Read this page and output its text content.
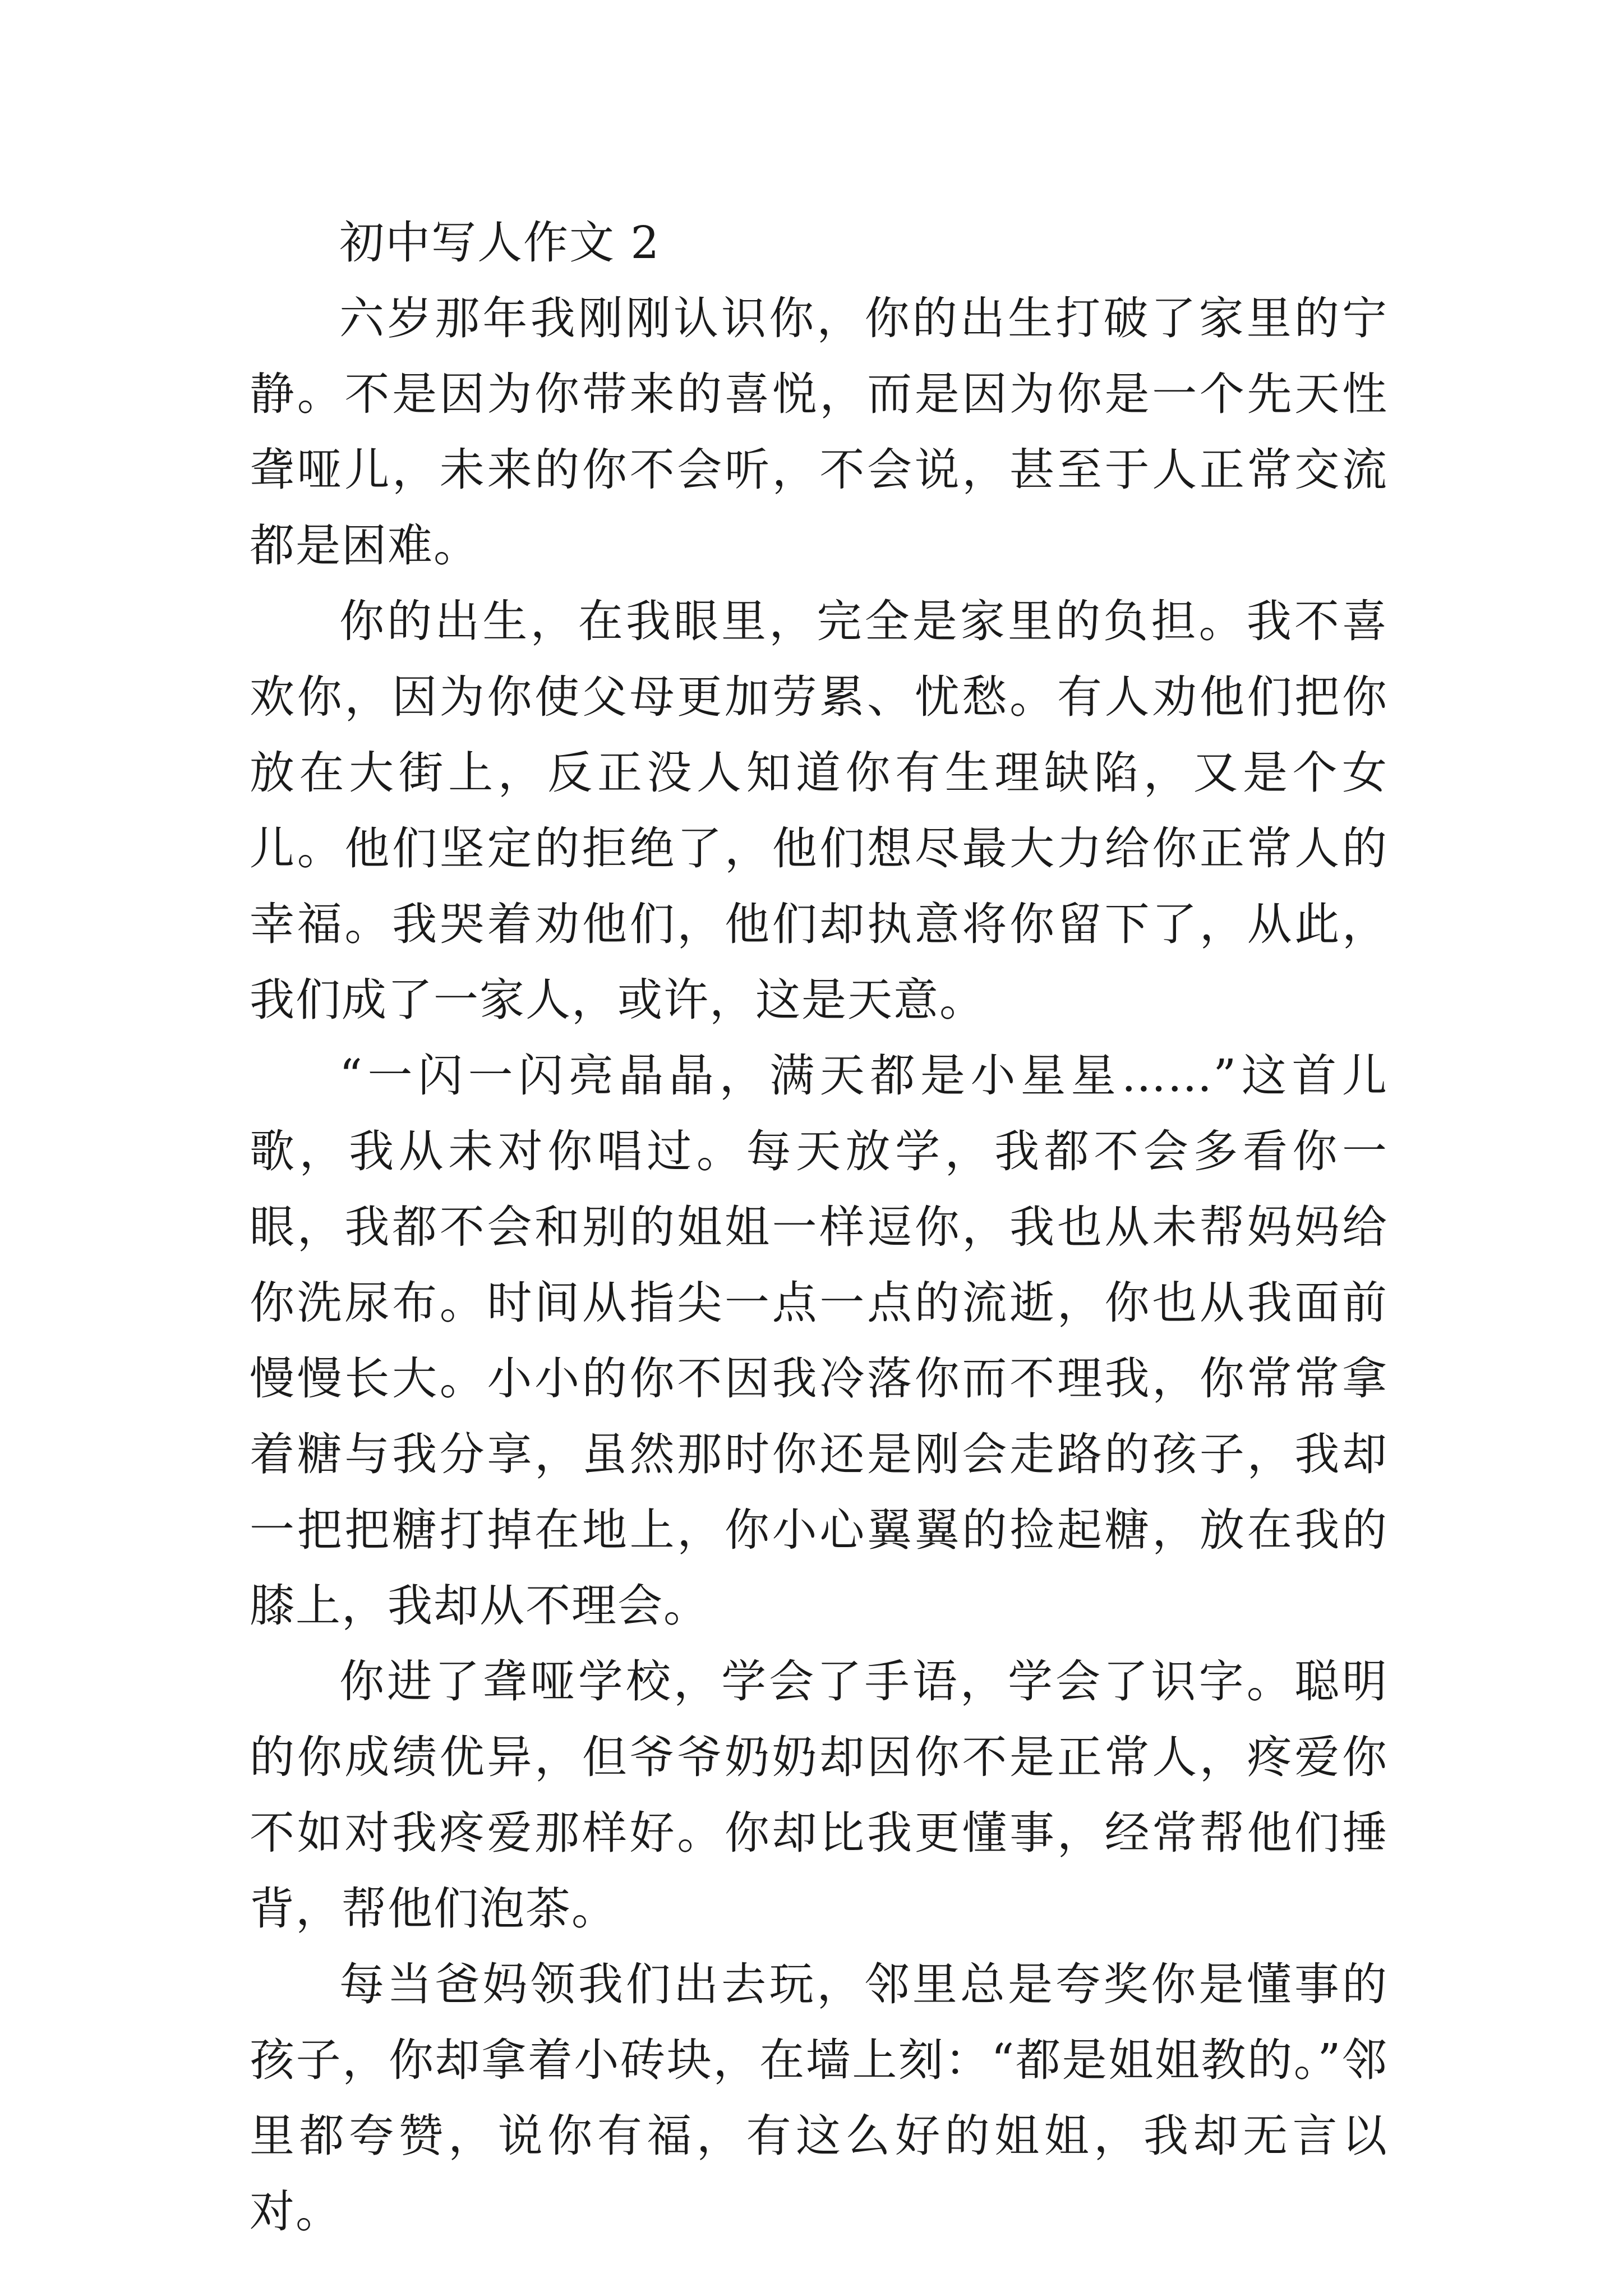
初中写人作文 2

六岁那年我刚刚认识你，你的出生打破了家里的宁静。不是因为你带来的喜悦，而是因为你是一个先天性聋哑儿，未来的你不会听，不会说，甚至于人正常交流都是困难。

你的出生，在我眼里，完全是家里的负担。我不喜欢你，因为你使父母更加劳累、忧愁。有人劝他们把你放在大街上，反正没人知道你有生理缺陷，又是个女儿。他们坚定的拒绝了，他们想尽最大力给你正常人的幸福。我哭着劝他们，他们却执意将你留下了，从此，我们成了一家人，或许，这是天意。

“一闪一闪亮晶晶，满天都是小星星……”这首儿歌，我从未对你唱过。每天放学，我都不会多看你一眼，我都不会和别的姐姐一样逗你，我也从未帮妈妈给你洗尿布。时间从指尖一点一点的流逝，你也从我面前慢慢长大。小小的你不因我冷落你而不理我，你常常拿着糖与我分享，虽然那时你还是刚会走路的孩子，我却一把把糖打掉在地上，你小心翼翼的捡起糖，放在我的膝上，我却从不理会。

你进了聋哑学校，学会了手语，学会了识字。聪明的你成绩优异，但爷爷奶奶却因你不是正常人，疼爱你不如对我疼爱那样好。你却比我更懂事，经常帮他们捶背，帮他们泡茶。

每当爸妈领我们出去玩，邻里总是夸奖你是懂事的孩子，你却拿着小砖块，在墙上刻：“都是姐姐教的。”邻里都夸赞，说你有福，有这么好的姐姐，我却无言以对。
